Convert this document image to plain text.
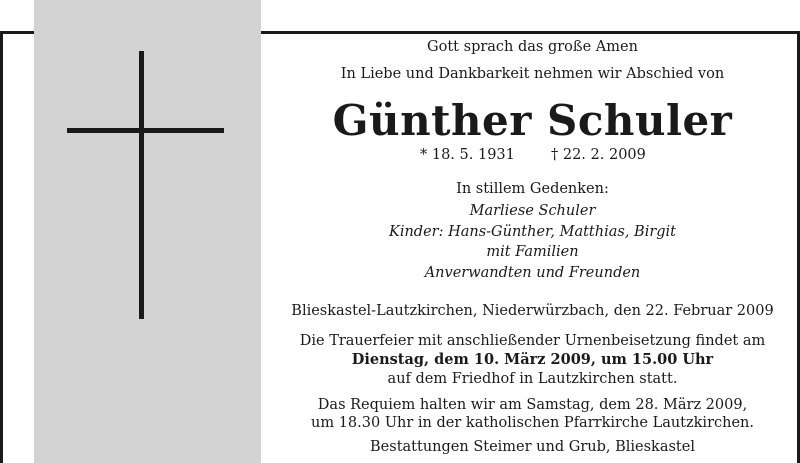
Gott sprach das große Amen
In Liebe und Dankbarkeit nehmen wir Abschied von
Günther Schuler
* 18. 5. 1931 † 22. 2. 2009
In stillem Gedenken:
Marliese Schuler
Kinder: Hans-Günther, Matthias, Birgit
mit Familien
Anverwandten und Freunden
Blieskastel-Lautzkirchen, Niederwürzbach, den 22. Februar 2009
Die Trauerfeier mit anschließender Urnenbeisetzung findet am
Dienstag, dem 10. März 2009, um 15.00 Uhr
auf dem Friedhof in Lautzkirchen statt.
Das Requiem halten wir am Samstag, dem 28. März 2009,
um 18.30 Uhr in der katholischen Pfarrkirche Lautzkirchen.
Bestattungen Steimer und Grub, Blieskastel
